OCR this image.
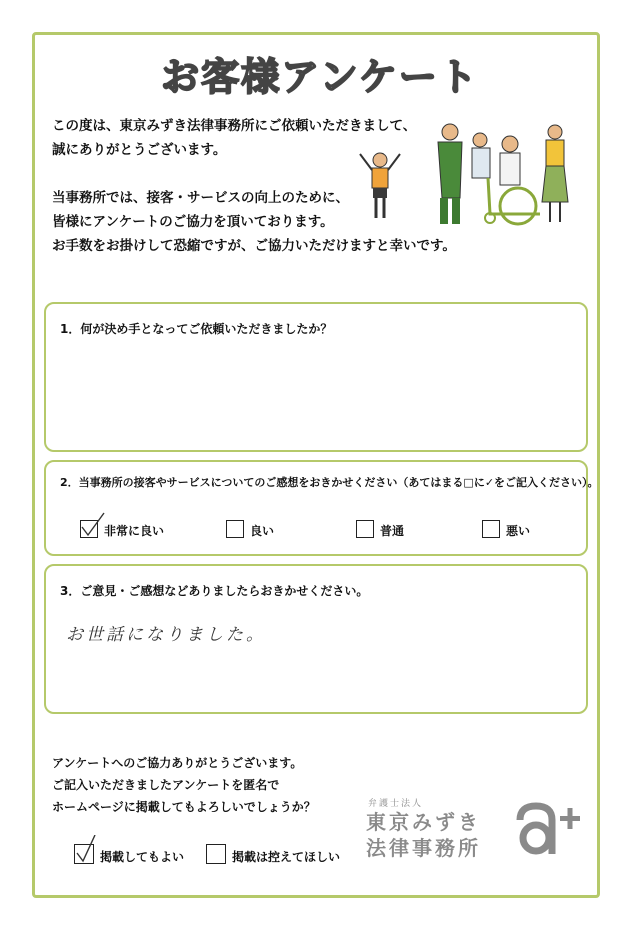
お客様アンケート

この度は、東京みずき法律事務所にご依頼いただきまして、

誠にありがとうございます。

当事務所では、接客・サービスの向上のために、

皆様にアンケートのご協力を頂いております。

お手数をお掛けして恐縮ですが、ご協力いただけますと幸いです。

1．何が決め手となってご依頼いただきましたか？
2．当事務所の接客やサービスについてのご感想をおきかせください（あてはまる□に✓をご記入ください）。
非常に良い	良い	普通	悪い
3．ご意見・ご感想などありましたらおきかせください。
お世話になりました。

アンケートへのご協力ありがとうございます。

ご記入いただきましたアンケートを匿名で

ホームページに掲載してもよろしいでしょうか？

掲載してもよい	掲載は控えてほしい
弁護士法人
東京みずき
法律事務所
